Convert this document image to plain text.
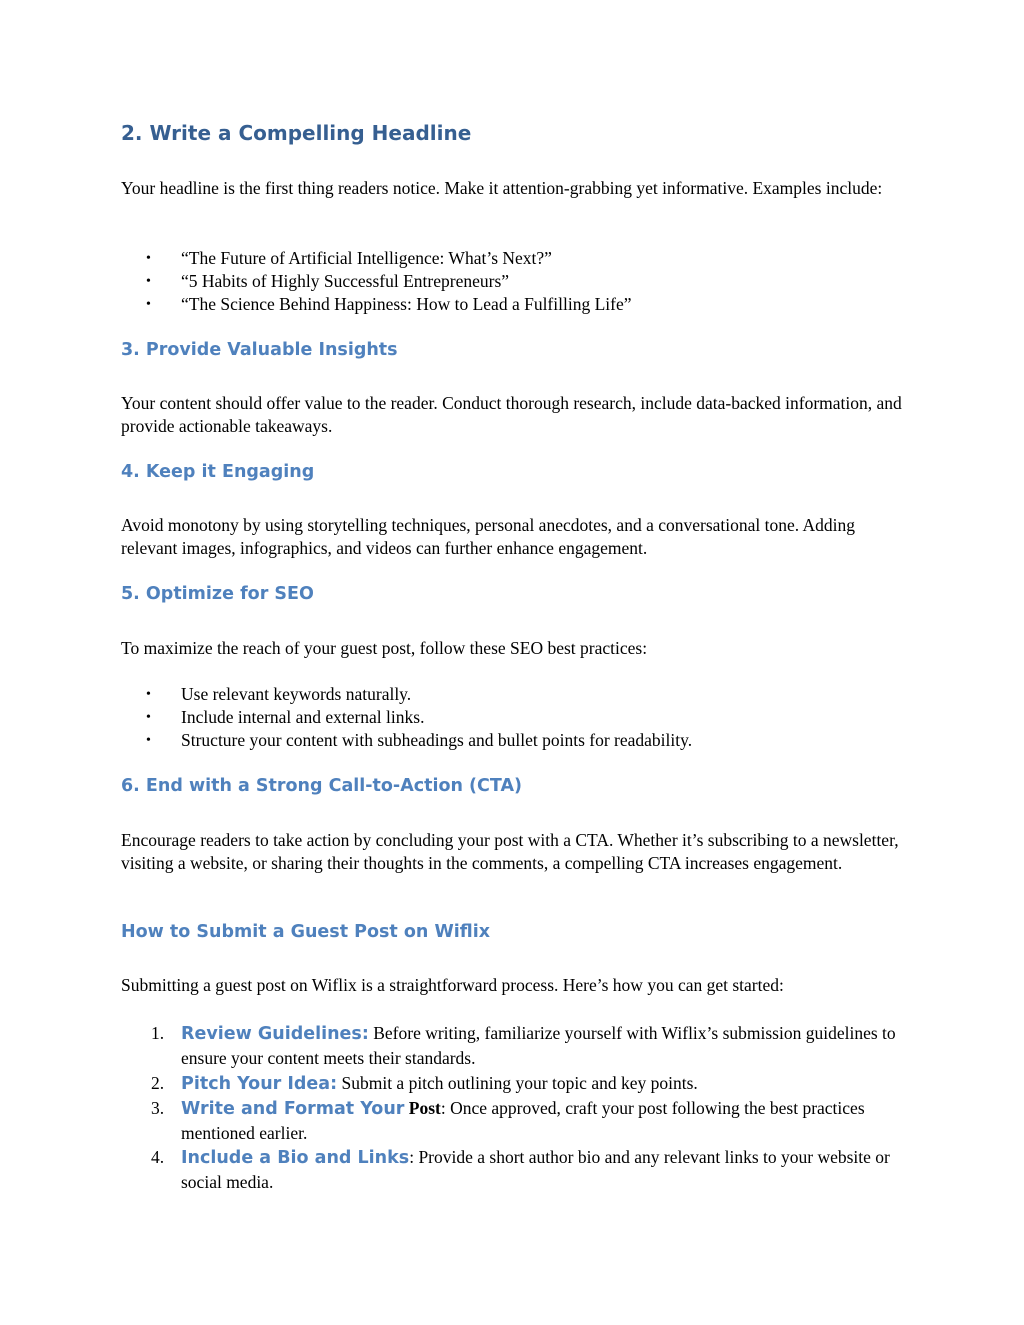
2. Write a Compelling Headline

Your headline is the first thing readers notice. Make it attention-grabbing yet informative. Examples include:

• “The Future of Artificial Intelligence: What’s Next?”
• “5 Habits of Highly Successful Entrepreneurs”
• “The Science Behind Happiness: How to Lead a Fulfilling Life”
3. Provide Valuable Insights

Your content should offer value to the reader. Conduct thorough research, include data-backed information, and provide actionable takeaways.

4. Keep it Engaging

Avoid monotony by using storytelling techniques, personal anecdotes, and a conversational tone. Adding relevant images, infographics, and videos can further enhance engagement.

5. Optimize for SEO

To maximize the reach of your guest post, follow these SEO best practices:

• Use relevant keywords naturally.
• Include internal and external links.
• Structure your content with subheadings and bullet points for readability.
6. End with a Strong Call-to-Action (CTA)

Encourage readers to take action by concluding your post with a CTA. Whether it’s subscribing to a newsletter, visiting a website, or sharing their thoughts in the comments, a compelling CTA increases engagement.

How to Submit a Guest Post on Wiflix

Submitting a guest post on Wiflix is a straightforward process. Here’s how you can get started:

1. Review Guidelines: Before writing, familiarize yourself with Wiflix’s submission guidelines to ensure your content meets their standards.
2. Pitch Your Idea: Submit a pitch outlining your topic and key points.
3. Write and Format Your Post: Once approved, craft your post following the best practices mentioned earlier.
4. Include a Bio and Links: Provide a short author bio and any relevant links to your website or social media.
